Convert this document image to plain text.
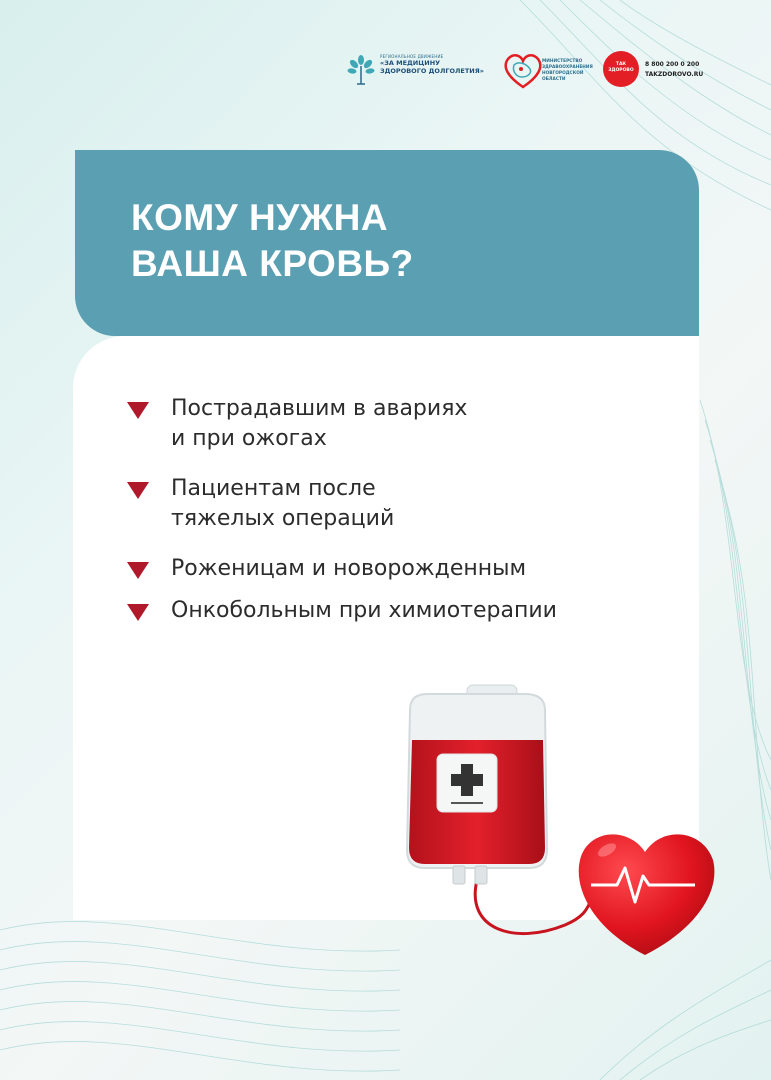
РЕГИОНАЛЬНОЕ ДВИЖЕНИЕ
«ЗА МЕДИЦИНУ
ЗДОРОВОГО ДОЛГОЛЕТИЯ»
МИНИСТЕРСТВО
ЗДРАВООХРАНЕНИЯ
НОВГОРОДСКОЙ
ОБЛАСТИ
ТАК ЗДОРОВО
8 800 200 0 200
TAKZDOROVO.RU
КОМУ НУЖНА
ВАША КРОВЬ?
Пострадавшим в авариях
и при ожогах
Пациентам после
тяжелых операций
Роженицам и новорожденным
Онкобольным при химиотерапии
